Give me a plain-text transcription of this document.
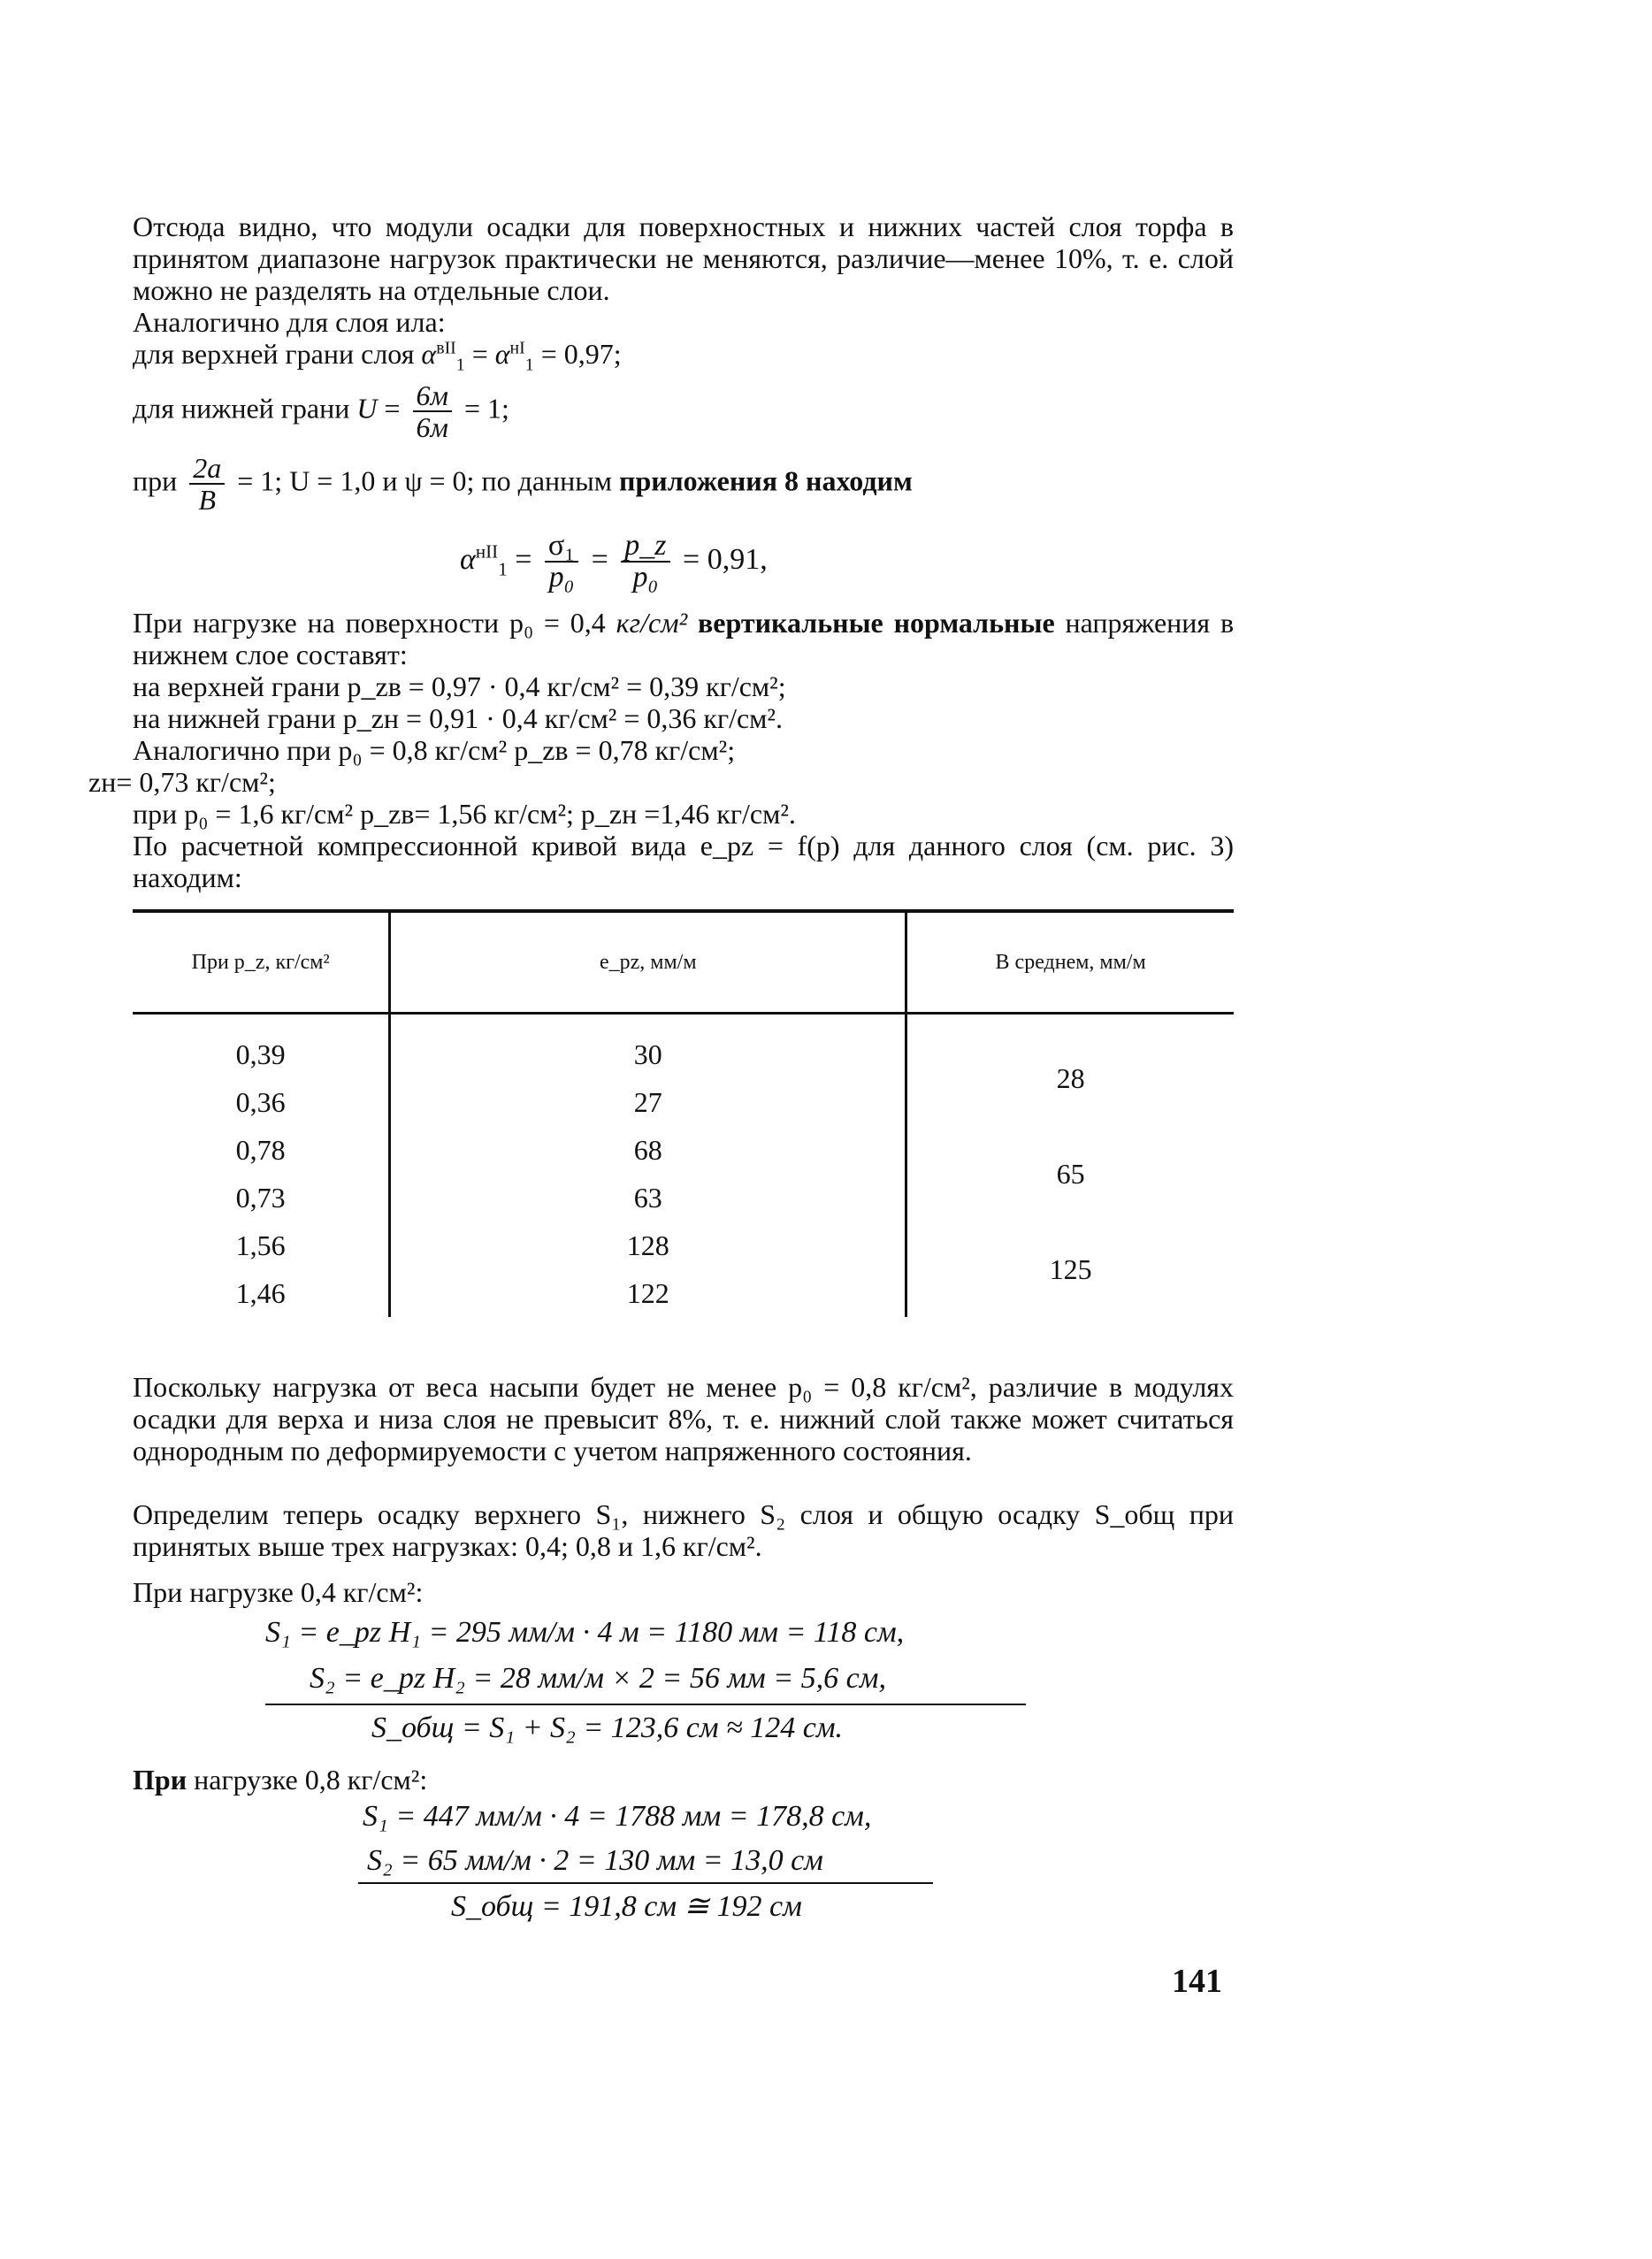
Отсюда видно, что модули осадки для поверхностных и нижних частей слоя торфа в принятом диапазоне нагрузок практически не меняются, различие—менее 10%, т. е. слой можно не разделять на отдельные слои.

Аналогично для слоя ила:

для верхней грани слоя $\alpha^{вII}_1 = \alpha^{нI}_1 = 0,97$;
для нижней грани $U = \frac{6м}{6м} = 1$;
при $\frac{2a}{B} = 1$; U = 1,0 и ψ = 0; по данным приложения 8 находим
$\alpha^{нII}_1 = \frac{\text{σ₁}}{\text{p₀}} = \frac{p\_z}{\text{p₀}} = 0,91$,

При нагрузке на поверхности p₀ = 0,4 кг/см² вертикальные нормальные напряжения в нижнем слое составят:

на верхней грани p_zв = 0,97 · 0,4 кг/см² = 0,39 кг/см²;

на нижней грани p_zн = 0,91 · 0,4 кг/см² = 0,36 кг/см².

Аналогично при p₀ = 0,8 кг/см² p_zв = 0,78 кг/см²;

zн= 0,73 кг/см²;

при p₀ = 1,6 кг/см² p_zв= 1,56 кг/см²; p_zн =1,46 кг/см².

По расчетной компрессионной кривой вида e_pz = f(p) для данного слоя (см. рис. 3) находим:

При p_z, кг/см²	e_pz, мм/м	В среднем, мм/м

0,39	30	28
0,36	27	
0,78	68	65
0,73	63	
1,56	128	125
1,46	122	

Поскольку нагрузка от веса насыпи будет не менее p₀ = 0,8 кг/см², различие в модулях осадки для верха и низа слоя не превысит 8%, т. е. нижний слой также может считаться однородным по деформируемости с учетом напряженного состояния.

Определим теперь осадку верхнего S₁, нижнего S₂ слоя и общую осадку S_общ при принятых выше трех нагрузках: 0,4; 0,8 и 1,6 кг/см².

При нагрузке 0,4 кг/см²:

S₁ = e_pz H₁ = 295 мм/м · 4 м = 1180 мм = 118 см,
S₂ = e_pz H₂ = 28 мм/м × 2 = 56 мм = 5,6 см,
S_общ = S₁ + S₂ = 123,6 см ≈ 124 см.

При нагрузке 0,8 кг/см²:

S₁ = 447 мм/м · 4 = 1788 мм = 178,8 см,
S₂ = 65 мм/м · 2 = 130 мм = 13,0 см
S_общ = 191,8 см ≅ 192 см
141
